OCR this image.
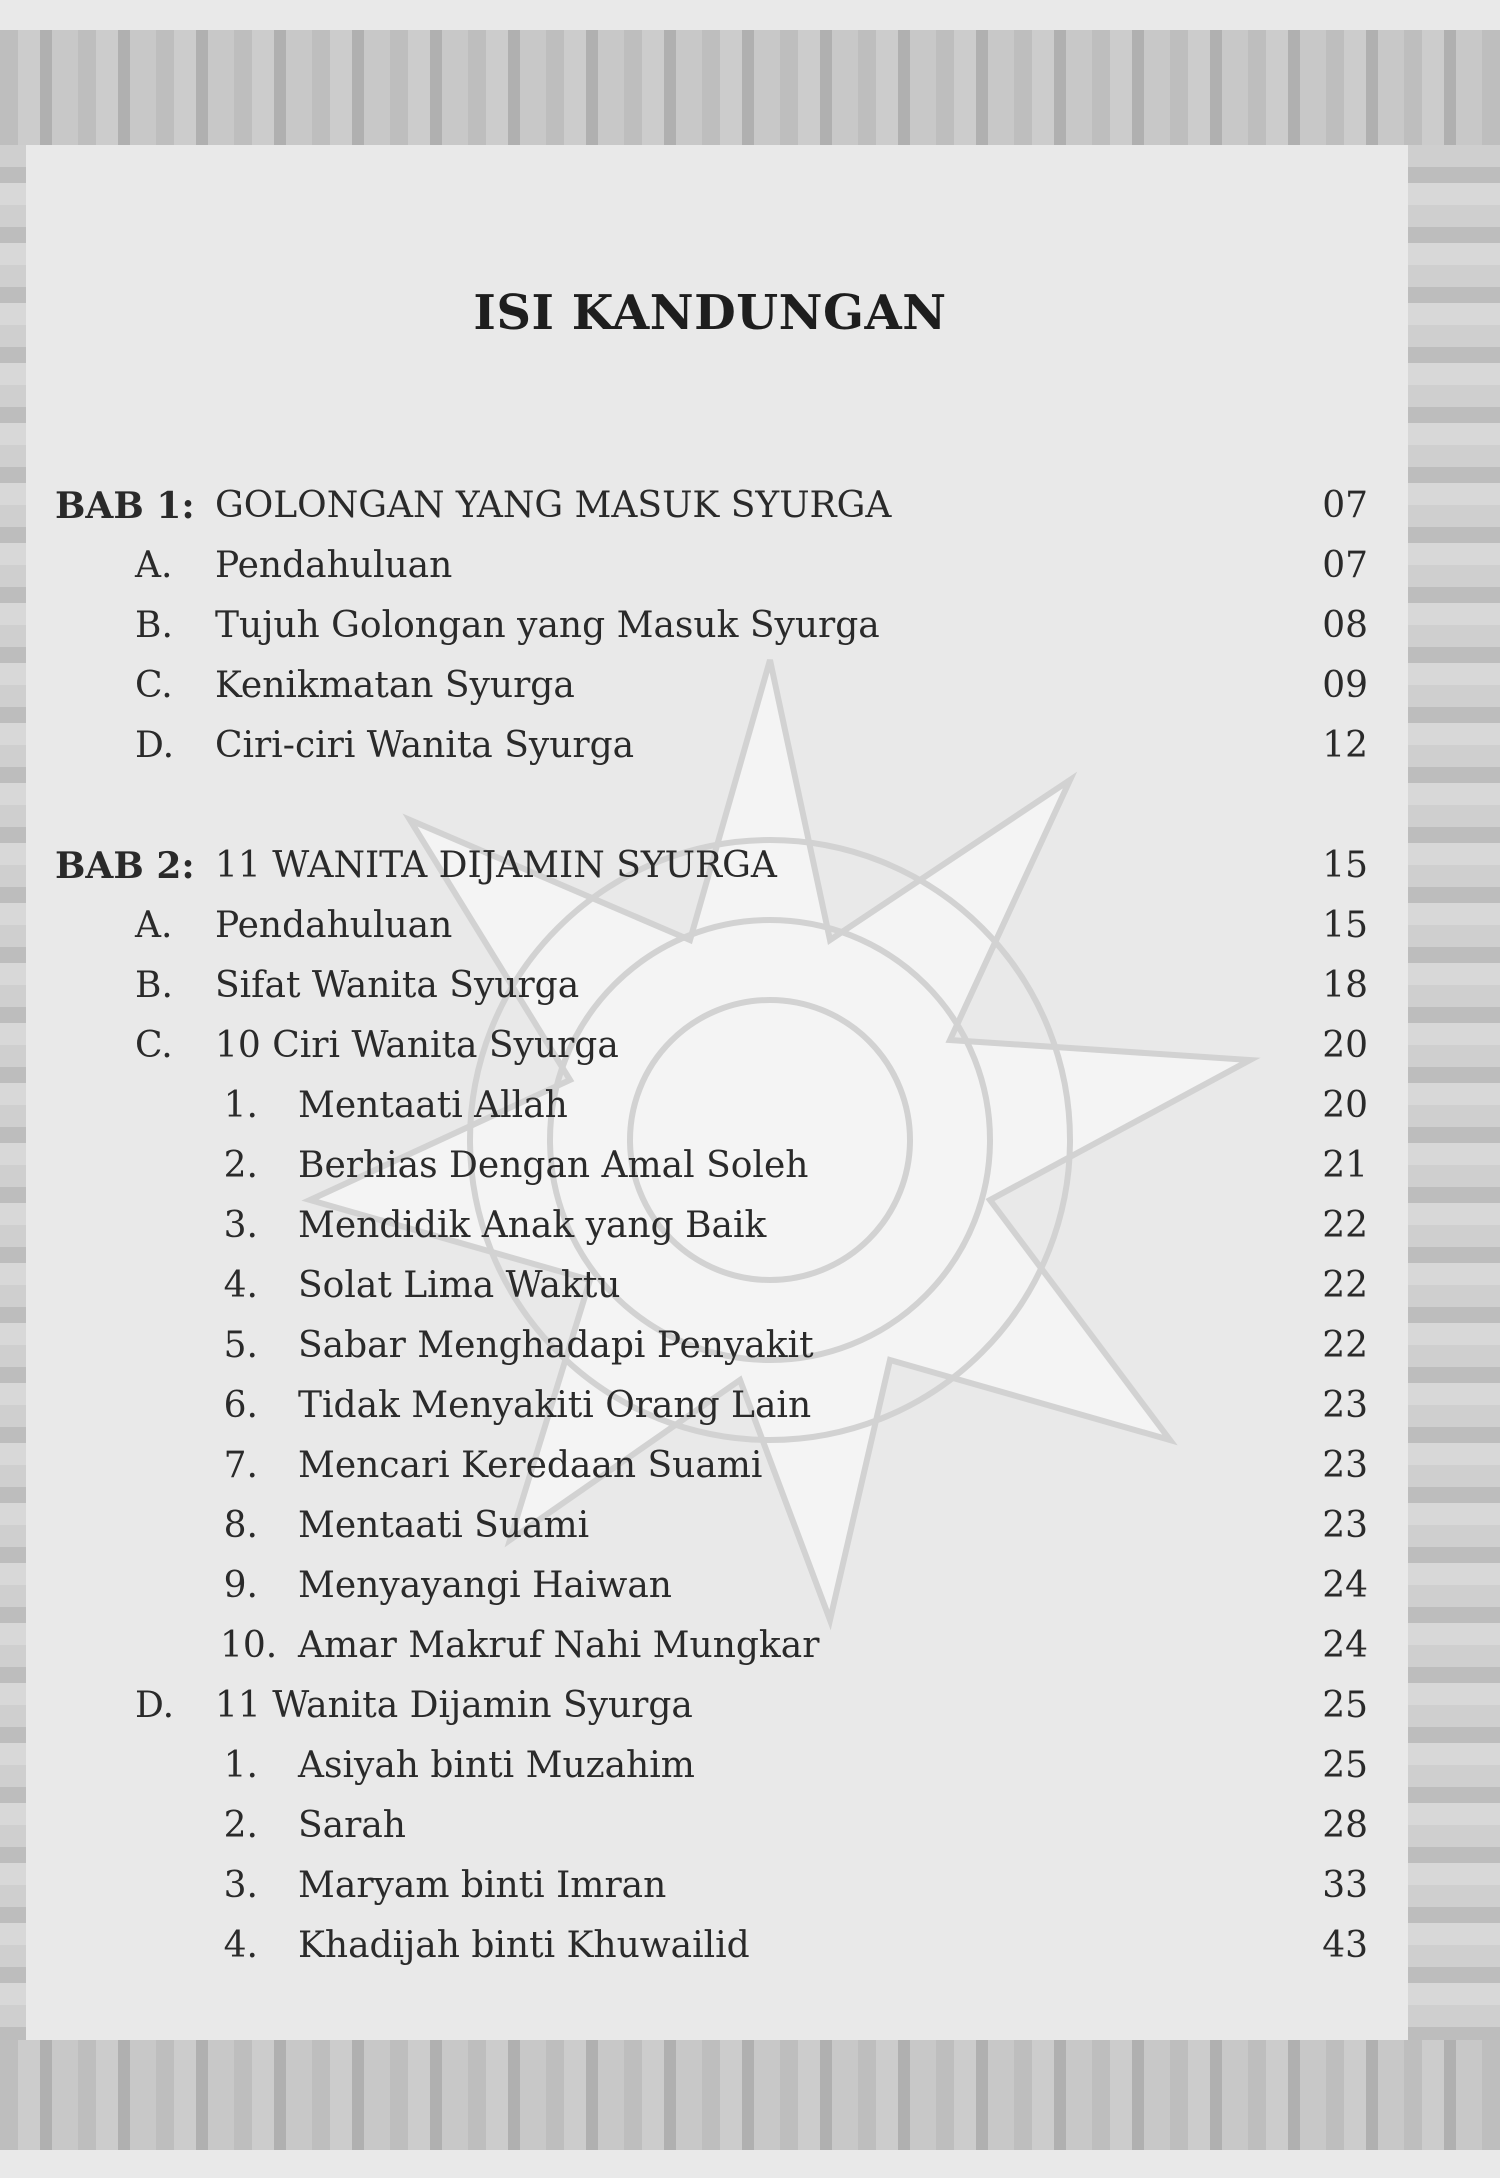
ISI KANDUNGAN
BAB 1: GOLONGAN YANG MASUK SYURGA	07
A. Pendahuluan	07
B. Tujuh Golongan yang Masuk Syurga	08
C. Kenikmatan Syurga	09
D. Ciri-ciri Wanita Syurga	12
BAB 2: 11 WANITA DIJAMIN SYURGA	15
A. Pendahuluan	15
B. Sifat Wanita Syurga	18
C. 10 Ciri Wanita Syurga	20
1. Mentaati Allah	20
2. Berhias Dengan Amal Soleh	21
3. Mendidik Anak yang Baik	22
4. Solat Lima Waktu	22
5. Sabar Menghadapi Penyakit	22
6. Tidak Menyakiti Orang Lain	23
7. Mencari Keredaan Suami	23
8. Mentaati Suami	23
9. Menyayangi Haiwan	24
10. Amar Makruf Nahi Mungkar	24
D. 11 Wanita Dijamin Syurga	25
1. Asiyah binti Muzahim	25
2. Sarah	28
3. Maryam binti Imran	33
4. Khadijah binti Khuwailid	43
